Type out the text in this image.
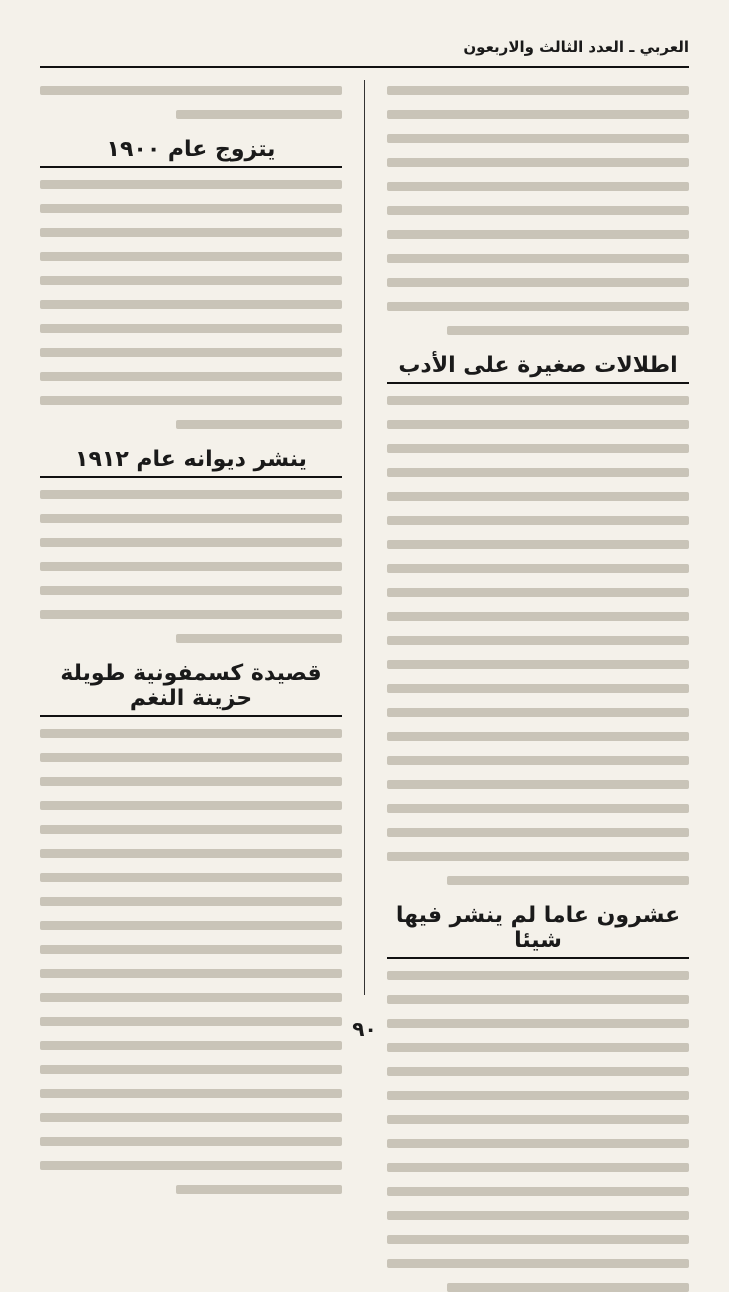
العربي ـ العدد الثالث والاربعون
اطلالات صغيرة على الأدب
عشرون عاما لم ينشر فيها شيئا
يتزوج عام ١٩٠٠
ينشر ديوانه عام ١٩١٢
قصيدة كسمفونية طويلة حزينة النغم
٩٠
